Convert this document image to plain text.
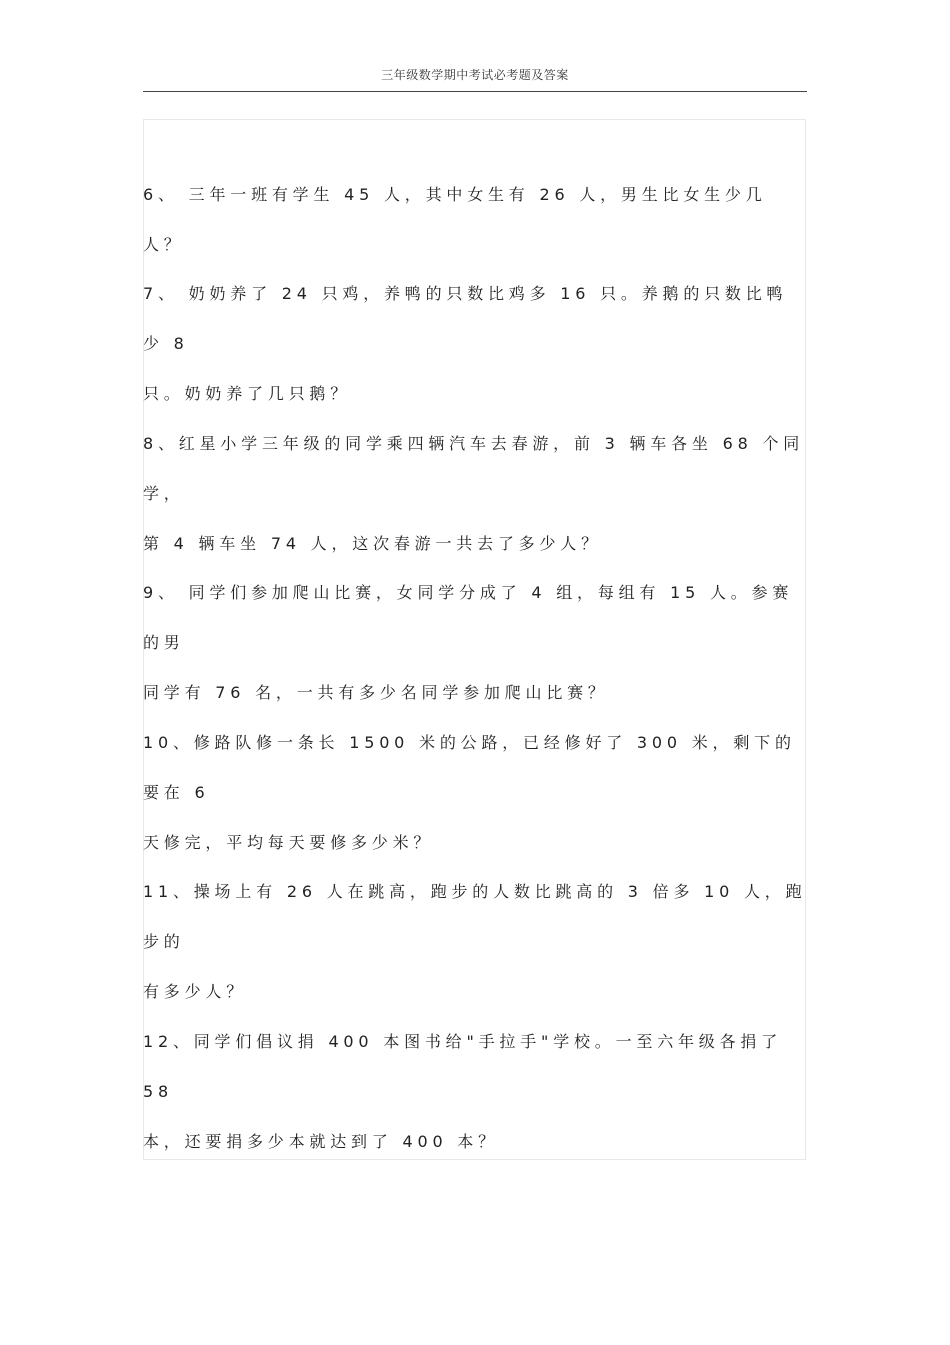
三年级数学期中考试必考题及答案
6、 三年一班有学生 45 人，其中女生有 26 人，男生比女生少几人？
7、 奶奶养了 24 只鸡，养鸭的只数比鸡多 16 只。养鹅的只数比鸭少 8
只。奶奶养了几只鹅？
8、红星小学三年级的同学乘四辆汽车去春游，前 3 辆车各坐 68 个同学，
第 4 辆车坐 74 人，这次春游一共去了多少人？
9、 同学们参加爬山比赛，女同学分成了 4 组，每组有 15 人。参赛的男
同学有 76 名，一共有多少名同学参加爬山比赛？
10、修路队修一条长 1500 米的公路，已经修好了 300 米，剩下的要在 6
天修完，平均每天要修多少米？
11、操场上有 26 人在跳高，跑步的人数比跳高的 3 倍多 10 人，跑步的
有多少人？
12、同学们倡议捐 400 本图书给"手拉手"学校。一至六年级各捐了 58
本，还要捐多少本就达到了 400 本？
